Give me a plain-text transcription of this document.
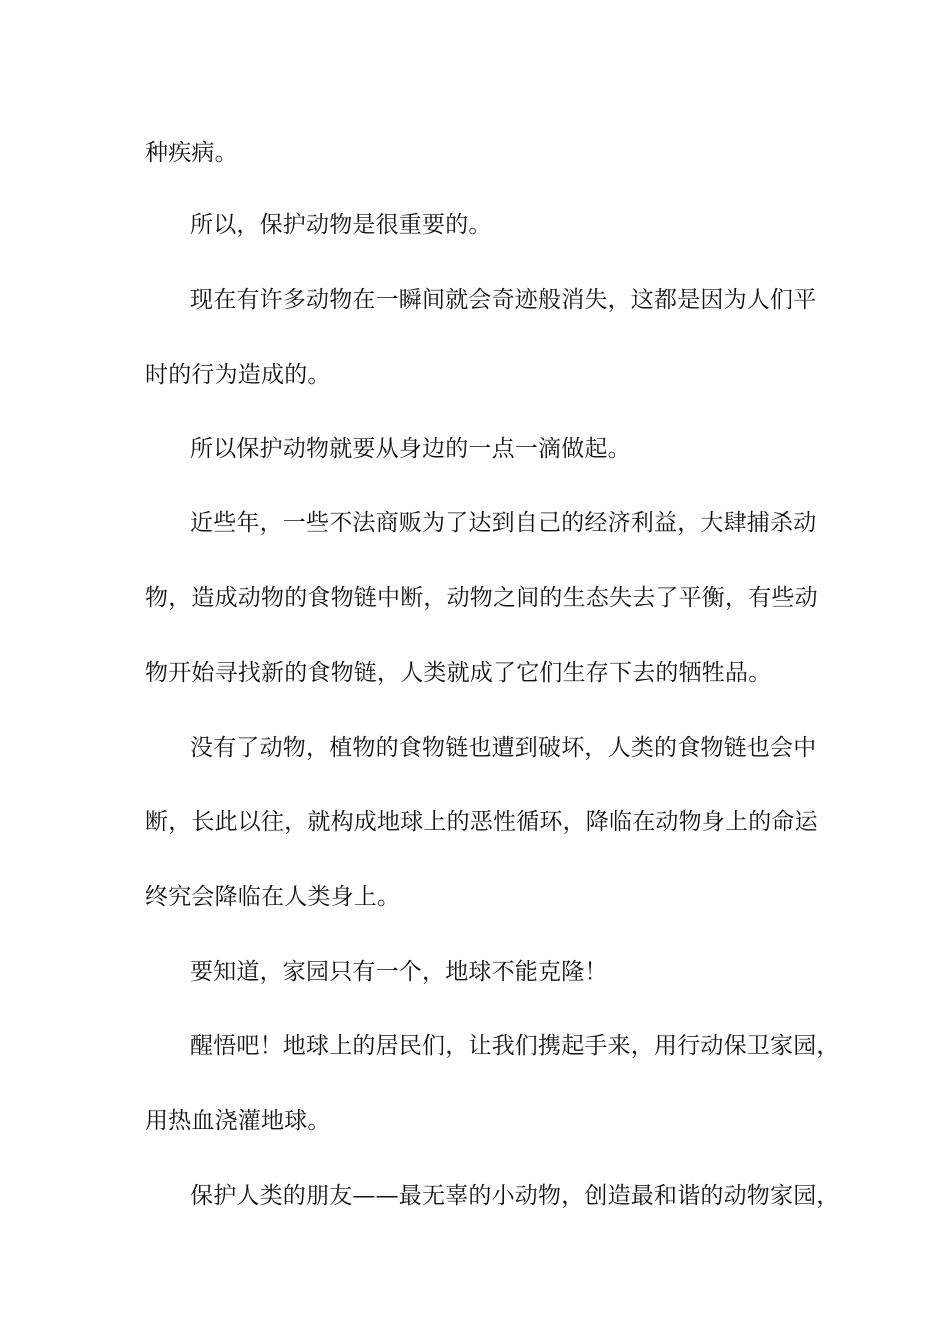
种疾病。

所以，保护动物是很重要的。

现在有许多动物在一瞬间就会奇迹般消失，这都是因为人们平

时的行为造成的。

所以保护动物就要从身边的一点一滴做起。

近些年，一些不法商贩为了达到自己的经济利益，大肆捕杀动

物，造成动物的食物链中断，动物之间的生态失去了平衡，有些动

物开始寻找新的食物链，人类就成了它们生存下去的牺牲品。

没有了动物，植物的食物链也遭到破坏，人类的食物链也会中

断，长此以往，就构成地球上的恶性循环，降临在动物身上的命运

终究会降临在人类身上。

要知道，家园只有一个，地球不能克隆！

醒悟吧！地球上的居民们，让我们携起手来，用行动保卫家园，

用热血浇灌地球。

保护人类的朋友——最无辜的小动物，创造最和谐的动物家园，
